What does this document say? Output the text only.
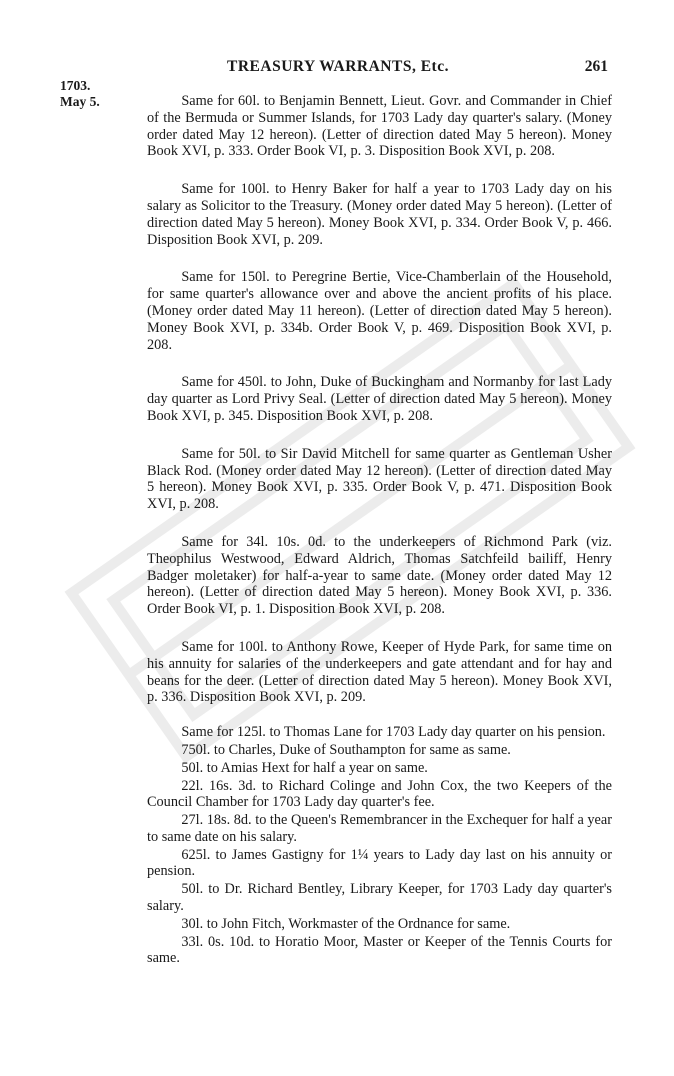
TREASURY WARRANTS, Etc.	261
1703.
May 5.	Same for 60l. to Benjamin Bennett, Lieut. Govr. and Commander in Chief of the Bermuda or Summer Islands, for 1703 Lady day quarter's salary. (Money order dated May 12 hereon). (Letter of direction dated May 5 hereon). Money Book XVI, p. 333. Order Book VI, p. 3. Disposition Book XVI, p. 208.

Same for 100l. to Henry Baker for half a year to 1703 Lady day on his salary as Solicitor to the Treasury. (Money order dated May 5 hereon). (Letter of direction dated May 5 hereon). Money Book XVI, p. 334. Order Book V, p. 466. Disposition Book XVI, p. 209.

Same for 150l. to Peregrine Bertie, Vice-Chamberlain of the Household, for same quarter's allowance over and above the ancient profits of his place. (Money order dated May 11 hereon). (Letter of direction dated May 5 hereon). Money Book XVI, p. 334b. Order Book V, p. 469. Disposition Book XVI, p. 208.

Same for 450l. to John, Duke of Buckingham and Normanby for last Lady day quarter as Lord Privy Seal. (Letter of direction dated May 5 hereon). Money Book XVI, p. 345. Disposition Book XVI, p. 208.

Same for 50l. to Sir David Mitchell for same quarter as Gentleman Usher Black Rod. (Money order dated May 12 hereon). (Letter of direction dated May 5 hereon). Money Book XVI, p. 335. Order Book V, p. 471. Disposition Book XVI, p. 208.

Same for 34l. 10s. 0d. to the underkeepers of Richmond Park (viz. Theophilus Westwood, Edward Aldrich, Thomas Satchfeild bailiff, Henry Badger moletaker) for half-a-year to same date. (Money order dated May 12 hereon). (Letter of direction dated May 5 hereon). Money Book XVI, p. 336. Order Book VI, p. 1. Disposition Book XVI, p. 208.

Same for 100l. to Anthony Rowe, Keeper of Hyde Park, for same time on his annuity for salaries of the underkeepers and gate attendant and for hay and beans for the deer. (Letter of direction dated May 5 hereon). Money Book XVI, p. 336. Disposition Book XVI, p. 209.

Same for 125l. to Thomas Lane for 1703 Lady day quarter on his pension.

750l. to Charles, Duke of Southampton for same as same.

50l. to Amias Hext for half a year on same.

22l. 16s. 3d. to Richard Colinge and John Cox, the two Keepers of the Council Chamber for 1703 Lady day quarter's fee.

27l. 18s. 8d. to the Queen's Remembrancer in the Exchequer for half a year to same date on his salary.

625l. to James Gastigny for 1¼ years to Lady day last on his annuity or pension.

50l. to Dr. Richard Bentley, Library Keeper, for 1703 Lady day quarter's salary.

30l. to John Fitch, Workmaster of the Ordnance for same.

33l. 0s. 10d. to Horatio Moor, Master or Keeper of the Tennis Courts for same.
